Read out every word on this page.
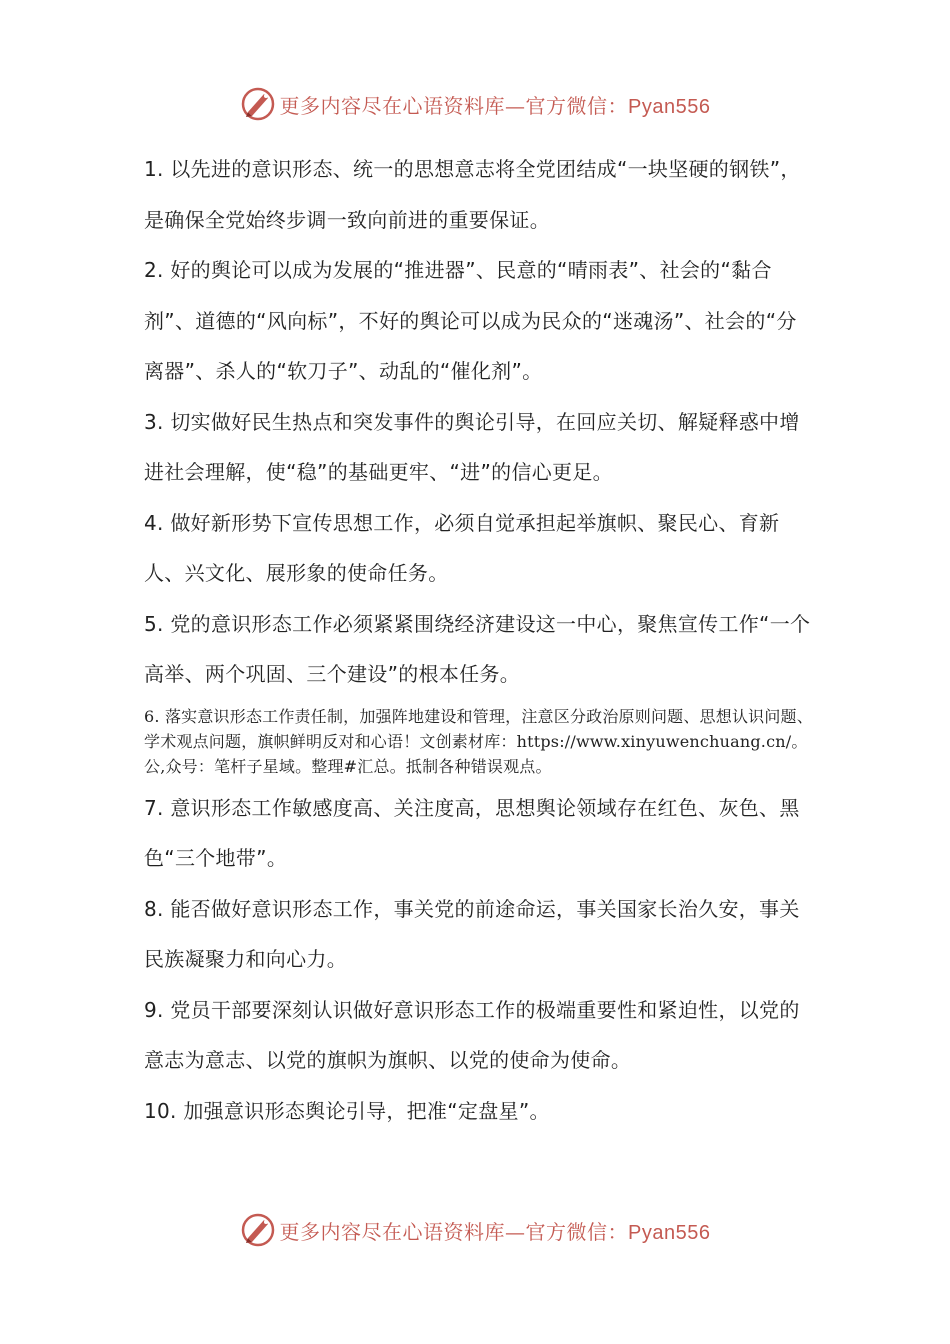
更多内容尽在心语资料库—官方微信：Pyan556

1. 以先进的意识形态、统一的思想意志将全党团结成“一块坚硬的钢铁”，是确保全党始终步调一致向前进的重要保证。

2. 好的舆论可以成为发展的“推进器”、民意的“晴雨表”、社会的“黏合剂”、道德的“风向标”，不好的舆论可以成为民众的“迷魂汤”、社会的“分离器”、杀人的“软刀子”、动乱的“催化剂”。

3. 切实做好民生热点和突发事件的舆论引导，在回应关切、解疑释惑中增进社会理解，使“稳”的基础更牢、“进”的信心更足。

4. 做好新形势下宣传思想工作，必须自觉承担起举旗帜、聚民心、育新人、兴文化、展形象的使命任务。

5. 党的意识形态工作必须紧紧围绕经济建设这一中心，聚焦宣传工作“一个高举、两个巩固、三个建设”的根本任务。

6. 落实意识形态工作责任制，加强阵地建设和管理，注意区分政治原则问题、思想认识问题、学术观点问题，旗帜鲜明反对和心语！文创素材库：https://www.xinyuwenchuang.cn/。公,众号：笔杆子星域。整理#汇总。抵制各种错误观点。

7. 意识形态工作敏感度高、关注度高，思想舆论领域存在红色、灰色、黑色“三个地带”。

8. 能否做好意识形态工作，事关党的前途命运，事关国家长治久安，事关民族凝聚力和向心力。

9. 党员干部要深刻认识做好意识形态工作的极端重要性和紧迫性，以党的意志为意志、以党的旗帜为旗帜、以党的使命为使命。

10. 加强意识形态舆论引导，把准“定盘星”。

更多内容尽在心语资料库—官方微信：Pyan556
